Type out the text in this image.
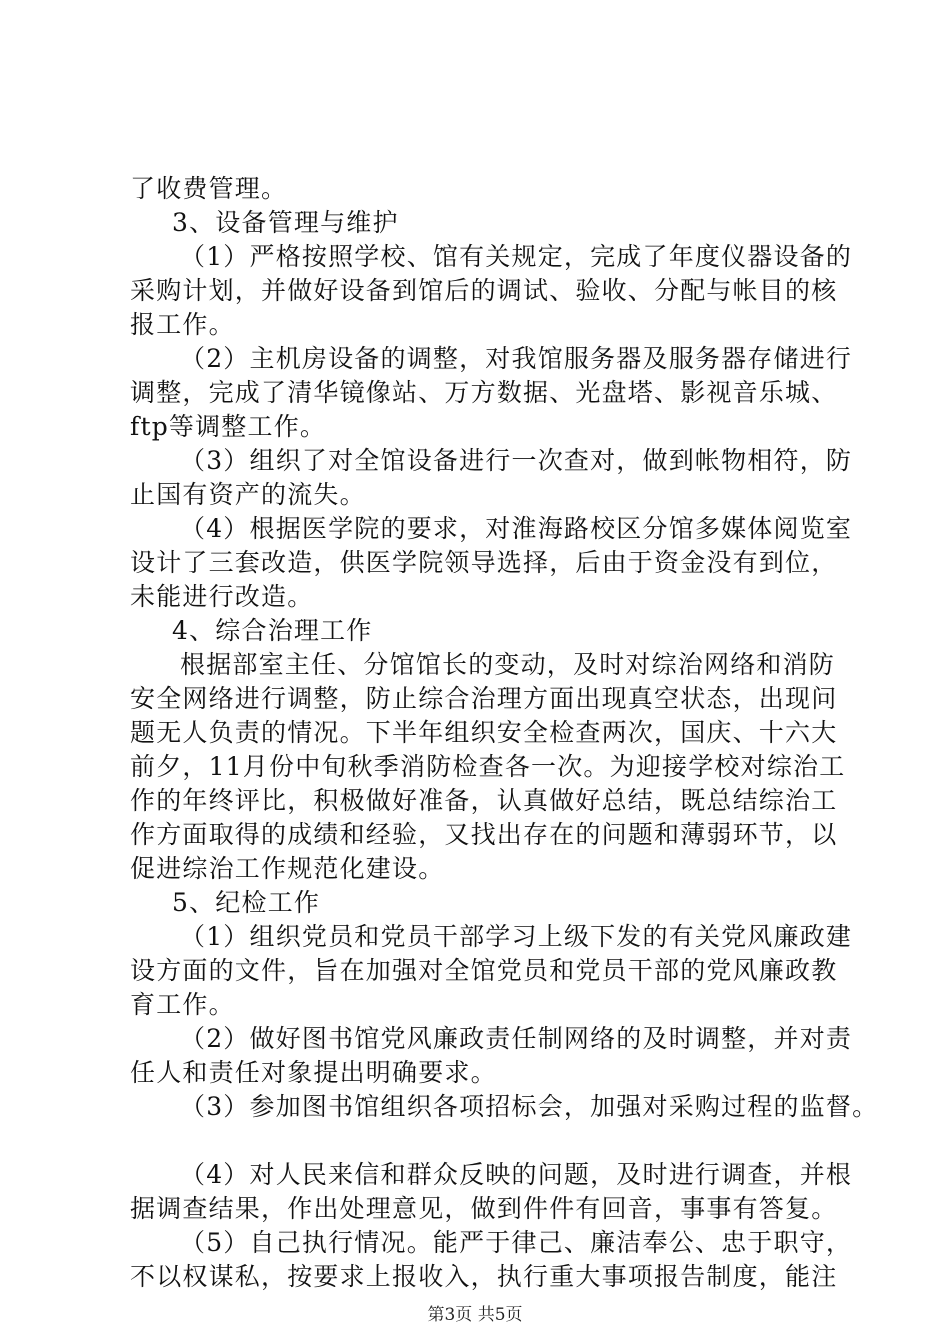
了收费管理。
3、设备管理与维护
（1）严格按照学校、馆有关规定，完成了年度仪器设备的
采购计划，并做好设备到馆后的调试、验收、分配与帐目的核
报工作。
（2）主机房设备的调整，对我馆服务器及服务器存储进行
调整，完成了清华镜像站、万方数据、光盘塔、影视音乐城、
ftp等调整工作。
（3）组织了对全馆设备进行一次查对，做到帐物相符，防
止国有资产的流失。
（4）根据医学院的要求，对淮海路校区分馆多媒体阅览室
设计了三套改造，供医学院领导选择，后由于资金没有到位，
未能进行改造。
4、综合治理工作
根据部室主任、分馆馆长的变动，及时对综治网络和消防
安全网络进行调整，防止综合治理方面出现真空状态，出现问
题无人负责的情况。下半年组织安全检查两次，国庆、十六大
前夕，11月份中旬秋季消防检查各一次。为迎接学校对综治工
作的年终评比，积极做好准备，认真做好总结，既总结综治工
作方面取得的成绩和经验，又找出存在的问题和薄弱环节，以
促进综治工作规范化建设。
5、纪检工作
（1）组织党员和党员干部学习上级下发的有关党风廉政建
设方面的文件，旨在加强对全馆党员和党员干部的党风廉政教
育工作。
（2）做好图书馆党风廉政责任制网络的及时调整，并对责
任人和责任对象提出明确要求。
（3）参加图书馆组织各项招标会，加强对采购过程的监督。
（4）对人民来信和群众反映的问题，及时进行调查，并根
据调查结果，作出处理意见，做到件件有回音，事事有答复。
（5）自己执行情况。能严于律己、廉洁奉公、忠于职守，
不以权谋私，按要求上报收入，执行重大事项报告制度，能注
第3页 共5页
